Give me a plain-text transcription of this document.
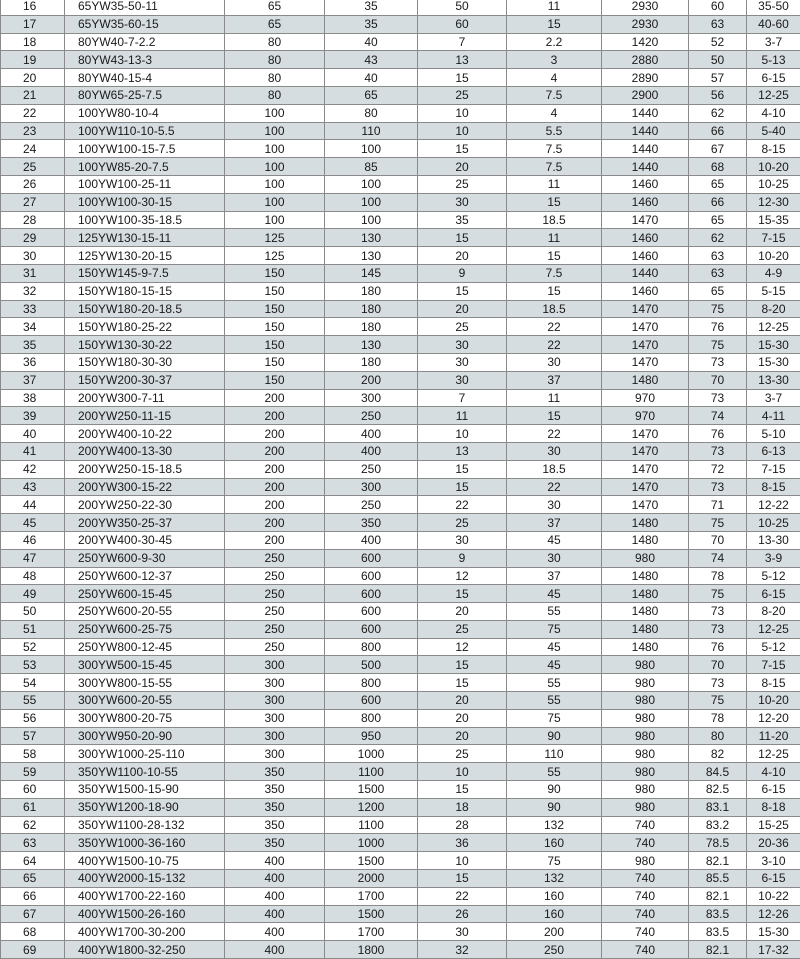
16	65YW35-50-11	65	35	50	11	2930	60	35-50
17	65YW35-60-15	65	35	60	15	2930	63	40-60
18	80YW40-7-2.2	80	40	7	2.2	1420	52	3-7
19	80YW43-13-3	80	43	13	3	2880	50	5-13
20	80YW40-15-4	80	40	15	4	2890	57	6-15
21	80YW65-25-7.5	80	65	25	7.5	2900	56	12-25
22	100YW80-10-4	100	80	10	4	1440	62	4-10
23	100YW110-10-5.5	100	110	10	5.5	1440	66	5-40
24	100YW100-15-7.5	100	100	15	7.5	1440	67	8-15
25	100YW85-20-7.5	100	85	20	7.5	1440	68	10-20
26	100YW100-25-11	100	100	25	11	1460	65	10-25
27	100YW100-30-15	100	100	30	15	1460	66	12-30
28	100YW100-35-18.5	100	100	35	18.5	1470	65	15-35
29	125YW130-15-11	125	130	15	11	1460	62	7-15
30	125YW130-20-15	125	130	20	15	1460	63	10-20
31	150YW145-9-7.5	150	145	9	7.5	1440	63	4-9
32	150YW180-15-15	150	180	15	15	1460	65	5-15
33	150YW180-20-18.5	150	180	20	18.5	1470	75	8-20
34	150YW180-25-22	150	180	25	22	1470	76	12-25
35	150YW130-30-22	150	130	30	22	1470	75	15-30
36	150YW180-30-30	150	180	30	30	1470	73	15-30
37	150YW200-30-37	150	200	30	37	1480	70	13-30
38	200YW300-7-11	200	300	7	11	970	73	3-7
39	200YW250-11-15	200	250	11	15	970	74	4-11
40	200YW400-10-22	200	400	10	22	1470	76	5-10
41	200YW400-13-30	200	400	13	30	1470	73	6-13
42	200YW250-15-18.5	200	250	15	18.5	1470	72	7-15
43	200YW300-15-22	200	300	15	22	1470	73	8-15
44	200YW250-22-30	200	250	22	30	1470	71	12-22
45	200YW350-25-37	200	350	25	37	1480	75	10-25
46	200YW400-30-45	200	400	30	45	1480	70	13-30
47	250YW600-9-30	250	600	9	30	980	74	3-9
48	250YW600-12-37	250	600	12	37	1480	78	5-12
49	250YW600-15-45	250	600	15	45	1480	75	6-15
50	250YW600-20-55	250	600	20	55	1480	73	8-20
51	250YW600-25-75	250	600	25	75	1480	73	12-25
52	250YW800-12-45	250	800	12	45	1480	76	5-12
53	300YW500-15-45	300	500	15	45	980	70	7-15
54	300YW800-15-55	300	800	15	55	980	73	8-15
55	300YW600-20-55	300	600	20	55	980	75	10-20
56	300YW800-20-75	300	800	20	75	980	78	12-20
57	300YW950-20-90	300	950	20	90	980	80	11-20
58	300YW1000-25-110	300	1000	25	110	980	82	12-25
59	350YW1100-10-55	350	1100	10	55	980	84.5	4-10
60	350YW1500-15-90	350	1500	15	90	980	82.5	6-15
61	350YW1200-18-90	350	1200	18	90	980	83.1	8-18
62	350YW1100-28-132	350	1100	28	132	740	83.2	15-25
63	350YW1000-36-160	350	1000	36	160	740	78.5	20-36
64	400YW1500-10-75	400	1500	10	75	980	82.1	3-10
65	400YW2000-15-132	400	2000	15	132	740	85.5	6-15
66	400YW1700-22-160	400	1700	22	160	740	82.1	10-22
67	400YW1500-26-160	400	1500	26	160	740	83.5	12-26
68	400YW1700-30-200	400	1700	30	200	740	83.5	15-30
69	400YW1800-32-250	400	1800	32	250	740	82.1	17-32
